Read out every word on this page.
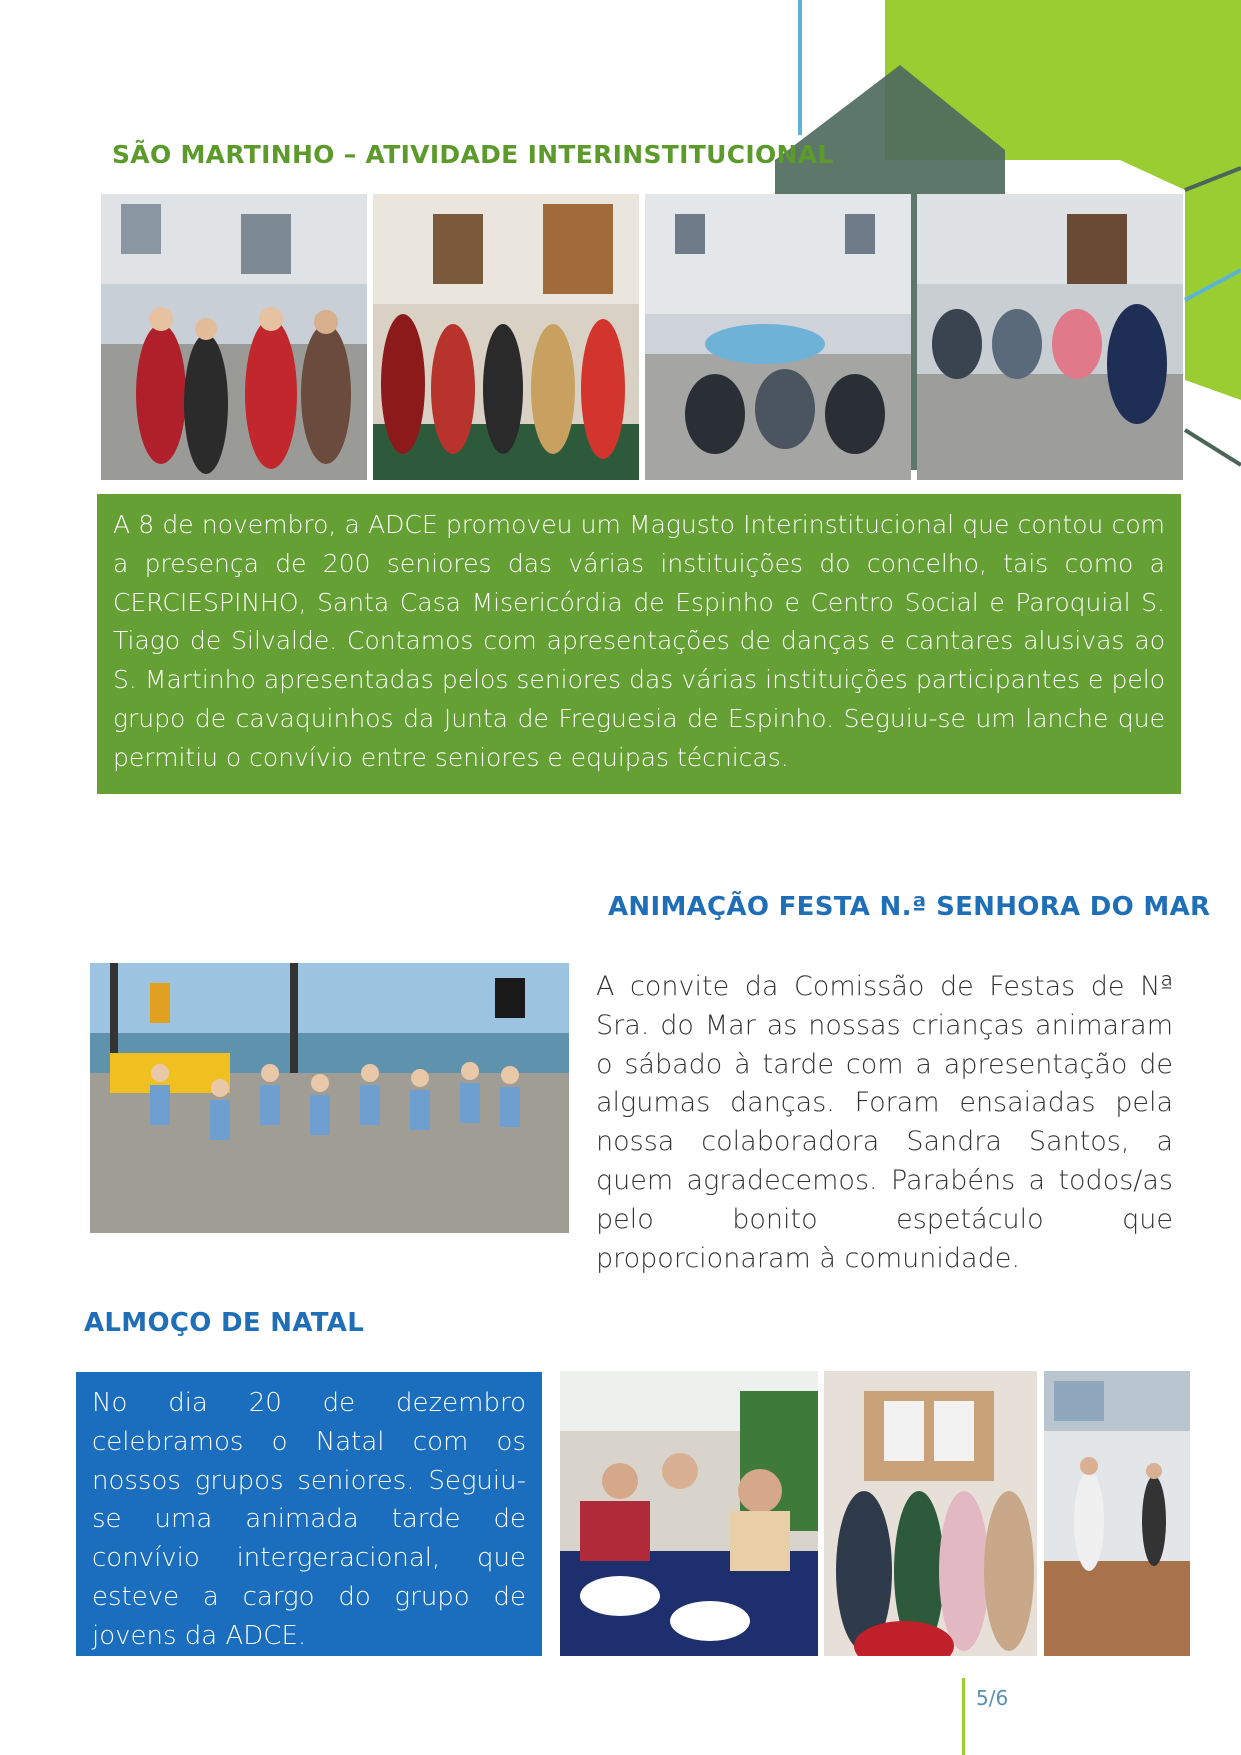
SÃO MARTINHO – ATIVIDADE INTERINSTITUCIONAL

A 8 de novembro, a ADCE promoveu um Magusto Interinstitucional que contou com a presença de 200 seniores das várias instituições do concelho, tais como a CERCIESPINHO, Santa Casa Misericórdia de Espinho e Centro Social e Paroquial S. Tiago de Silvalde. Contamos com apresentações de danças e cantares alusivas ao S. Martinho apresentadas pelos seniores das várias instituições participantes e pelo grupo de cavaquinhos da Junta de Freguesia de Espinho. Seguiu-se um lanche que permitiu o convívio entre seniores e equipas técnicas.

ANIMAÇÃO FESTA N.ª SENHORA DO MAR

A convite da Comissão de Festas de Nª Sra. do Mar as nossas crianças animaram o sábado à tarde com a apresentação de algumas danças. Foram ensaiadas pela nossa colaboradora Sandra Santos, a quem agradecemos. Parabéns a todos/as pelo bonito espetáculo que proporcionaram à comunidade.

ALMOÇO DE NATAL

No dia 20 de dezembro celebramos o Natal com os nossos grupos seniores. Seguiu-se uma animada tarde de convívio intergeracional, que esteve a cargo do grupo de jovens da ADCE.

5/6
